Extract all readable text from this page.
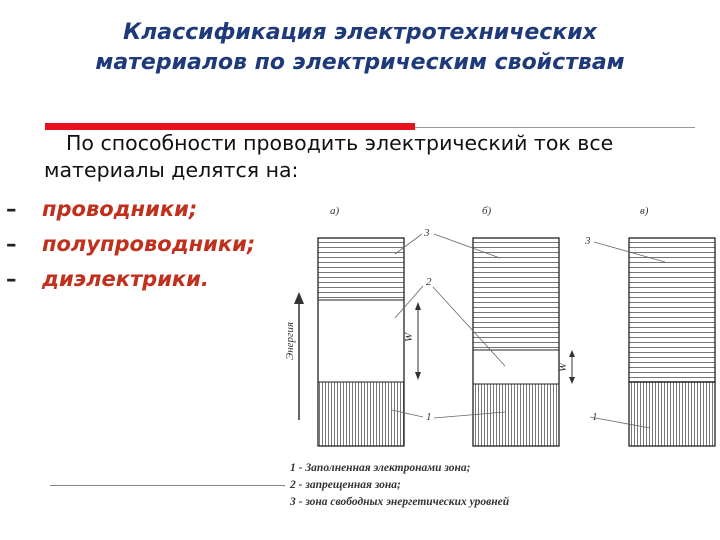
Классификация электротехнических
материалов по электрическим свойствам
По способности проводить электрический ток все
материалы делятся на:
– проводники;
– полупроводники;
– диэлектрики.
а)	б)	в)
Энергия	W
W
3
2
1
3
1
1 - Заполненная электронами зона;
2 - запрещенная зона;
3 - зона свободных энергетических уровней
